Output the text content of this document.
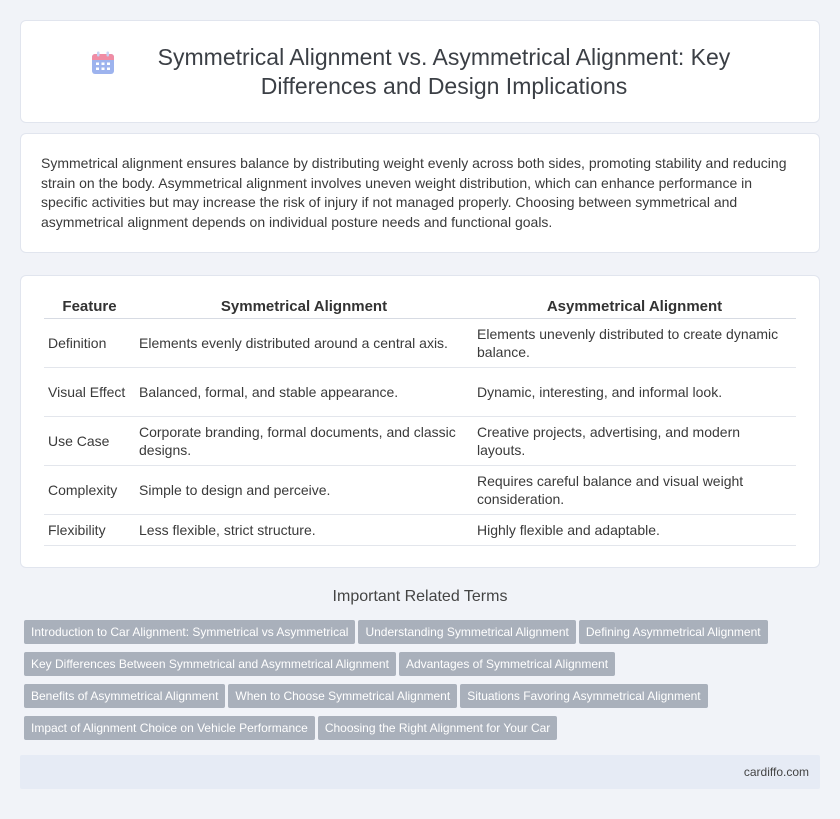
Symmetrical Alignment vs. Asymmetrical Alignment: Key Differences and Design Implications

Symmetrical alignment ensures balance by distributing weight evenly across both sides, promoting stability and reducing strain on the body. Asymmetrical alignment involves uneven weight distribution, which can enhance performance in specific activities but may increase the risk of injury if not managed properly. Choosing between symmetrical and asymmetrical alignment depends on individual posture needs and functional goals.

Feature	Symmetrical Alignment	Asymmetrical Alignment
Definition	Elements evenly distributed around a central axis.	Elements unevenly distributed to create dynamic balance.
Visual Effect	Balanced, formal, and stable appearance.	Dynamic, interesting, and informal look.
Use Case	Corporate branding, formal documents, and classic designs.	Creative projects, advertising, and modern layouts.
Complexity	Simple to design and perceive.	Requires careful balance and visual weight consideration.
Flexibility	Less flexible, strict structure.	Highly flexible and adaptable.
Important Related Terms
Introduction to Car Alignment: Symmetrical vs Asymmetrical Understanding Symmetrical Alignment Defining Asymmetrical Alignment
Key Differences Between Symmetrical and Asymmetrical Alignment Advantages of Symmetrical Alignment
Benefits of Asymmetrical Alignment When to Choose Symmetrical Alignment Situations Favoring Asymmetrical Alignment
Impact of Alignment Choice on Vehicle Performance Choosing the Right Alignment for Your Car
cardiffo.com
